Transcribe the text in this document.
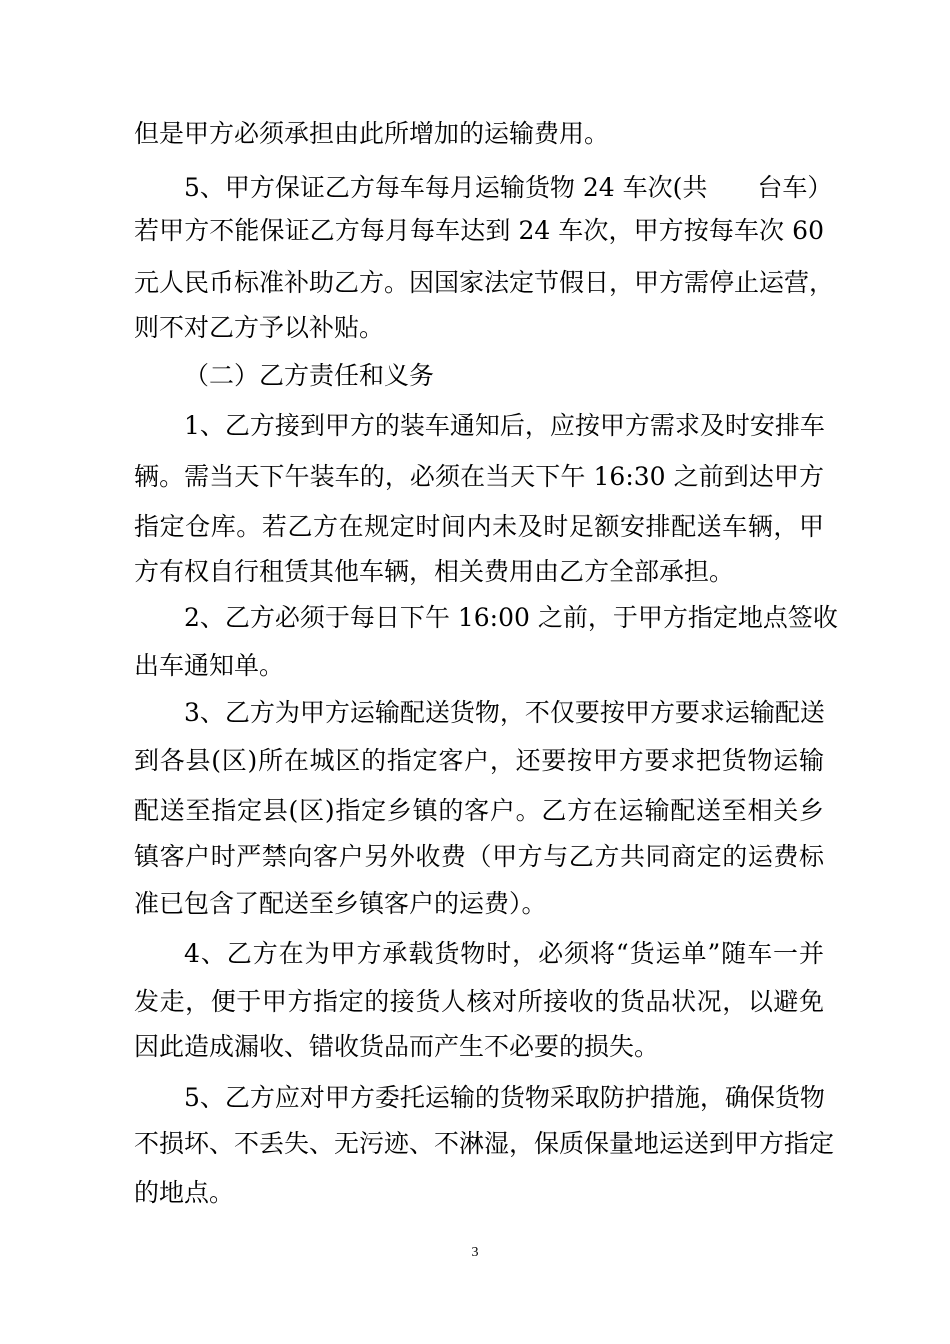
但是甲方必须承担由此所增加的运输费用。
5、甲方保证乙方每车每月运输货物 24 车次(共　　台车）
若甲方不能保证乙方每月每车达到 24 车次，甲方按每车次 60
元人民币标准补助乙方。因国家法定节假日，甲方需停止运营，
则不对乙方予以补贴。
（二）乙方责任和义务
1、乙方接到甲方的装车通知后，应按甲方需求及时安排车
辆。需当天下午装车的，必须在当天下午 16:30 之前到达甲方
指定仓库。若乙方在规定时间内未及时足额安排配送车辆，甲
方有权自行租赁其他车辆，相关费用由乙方全部承担。
2、乙方必须于每日下午 16:00 之前，于甲方指定地点签收
出车通知单。
3、乙方为甲方运输配送货物，不仅要按甲方要求运输配送
到各县(区)所在城区的指定客户，还要按甲方要求把货物运输
配送至指定县(区)指定乡镇的客户。乙方在运输配送至相关乡
镇客户时严禁向客户另外收费（甲方与乙方共同商定的运费标
准已包含了配送至乡镇客户的运费）。
4、乙方在为甲方承载货物时，必须将“货运单”随车一并
发走，便于甲方指定的接货人核对所接收的货品状况，以避免
因此造成漏收、错收货品而产生不必要的损失。
5、乙方应对甲方委托运输的货物采取防护措施，确保货物
不损坏、不丢失、无污迹、不淋湿，保质保量地运送到甲方指定
的地点。
3
